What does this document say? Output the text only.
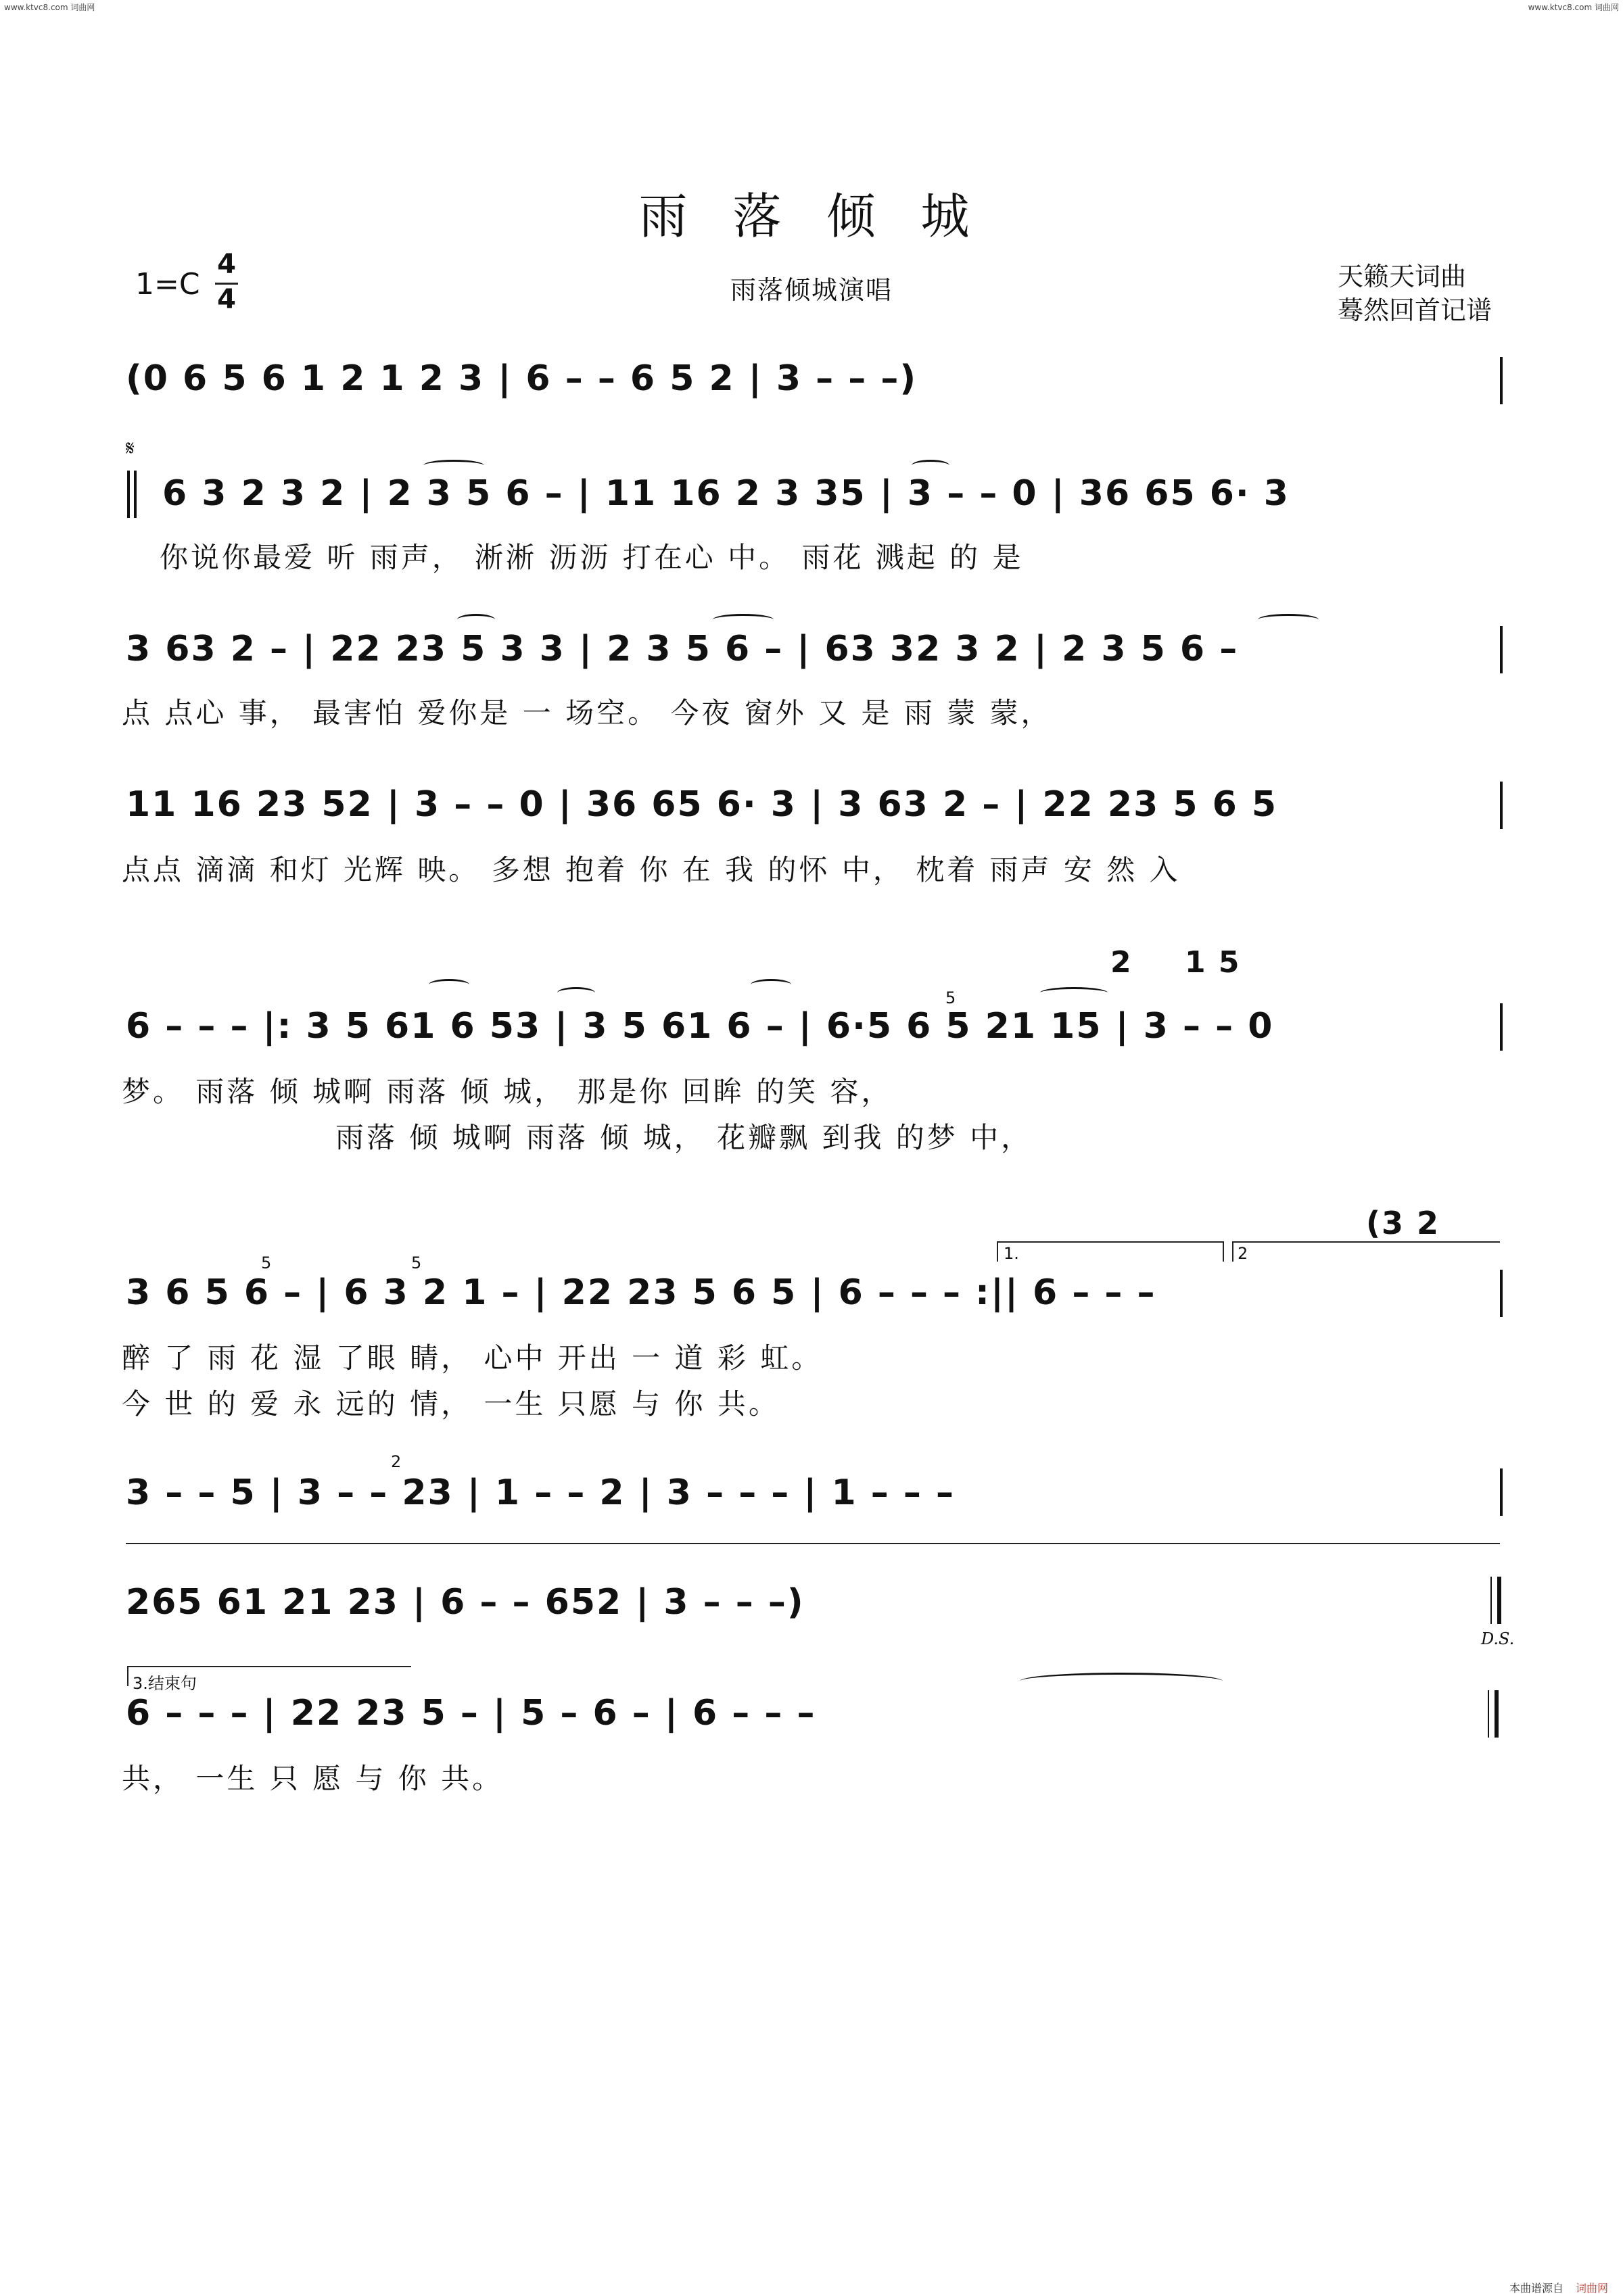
www.ktvc8.com 词曲网	www.ktvc8.com 词曲网
雨 落 倾 城
1=C
4
4	雨落倾城演唱	天籁天词曲
蓦然回首记谱
(0 6 5 6 1 2 1 2 3 | 6 – – 6 5 2 | 3 – – –)
𝄋
6 3 2 3 2 | 2 3 5 6 – | 11 16 2 3 35 | 3 – – 0 | 36 65 6· 3
你说你最爱 听 雨声， 淅淅 沥沥 打在心 中。 雨花 溅起 的 是
3 63 2 – | 22 23 5 3 3 | 2 3 5 6 – | 63 32 3 2 | 2 3 5 6 –
点 点心 事， 最害怕 爱你是 一 场空。 今夜 窗外 又 是 雨 蒙 蒙，
11 16 23 52 | 3 – – 0 | 36 65 6· 3 | 3 63 2 – | 22 23 5 6 5
点点 滴滴 和灯 光辉 映。 多想 抱着 你 在 我 的怀 中， 枕着 雨声 安 然 入
2 1 5
5
6 – – – |: 3 5 61 6 53 | 3 5 61 6 – | 6·5 6 5 21 15 | 3 – – 0
梦。 雨落 倾 城啊 雨落 倾 城， 那是你 回眸 的笑 容，
雨落 倾 城啊 雨落 倾 城， 花瓣飘 到我 的梦 中，
(3 2
1.	2
5	5
3 6 5 6 – | 6 3 2 1 – | 22 23 5 6 5 | 6 – – – :|| 6 – – –
醉 了 雨 花 湿 了眼 睛， 心中 开出 一 道 彩 虹。
今 世 的 爱 永 远的 情， 一生 只愿 与 你 共。
2
3 – – 5 | 3 – – 23 | 1 – – 2 | 3 – – – | 1 – – –
265 61 21 23 | 6 – – 652 | 3 – – –)
D.S.
3.结束句
6 – – – | 22 23 5 – | 5 – 6 – | 6 – – –
共， 一生 只 愿 与 你 共。
本曲谱源自 词曲网
